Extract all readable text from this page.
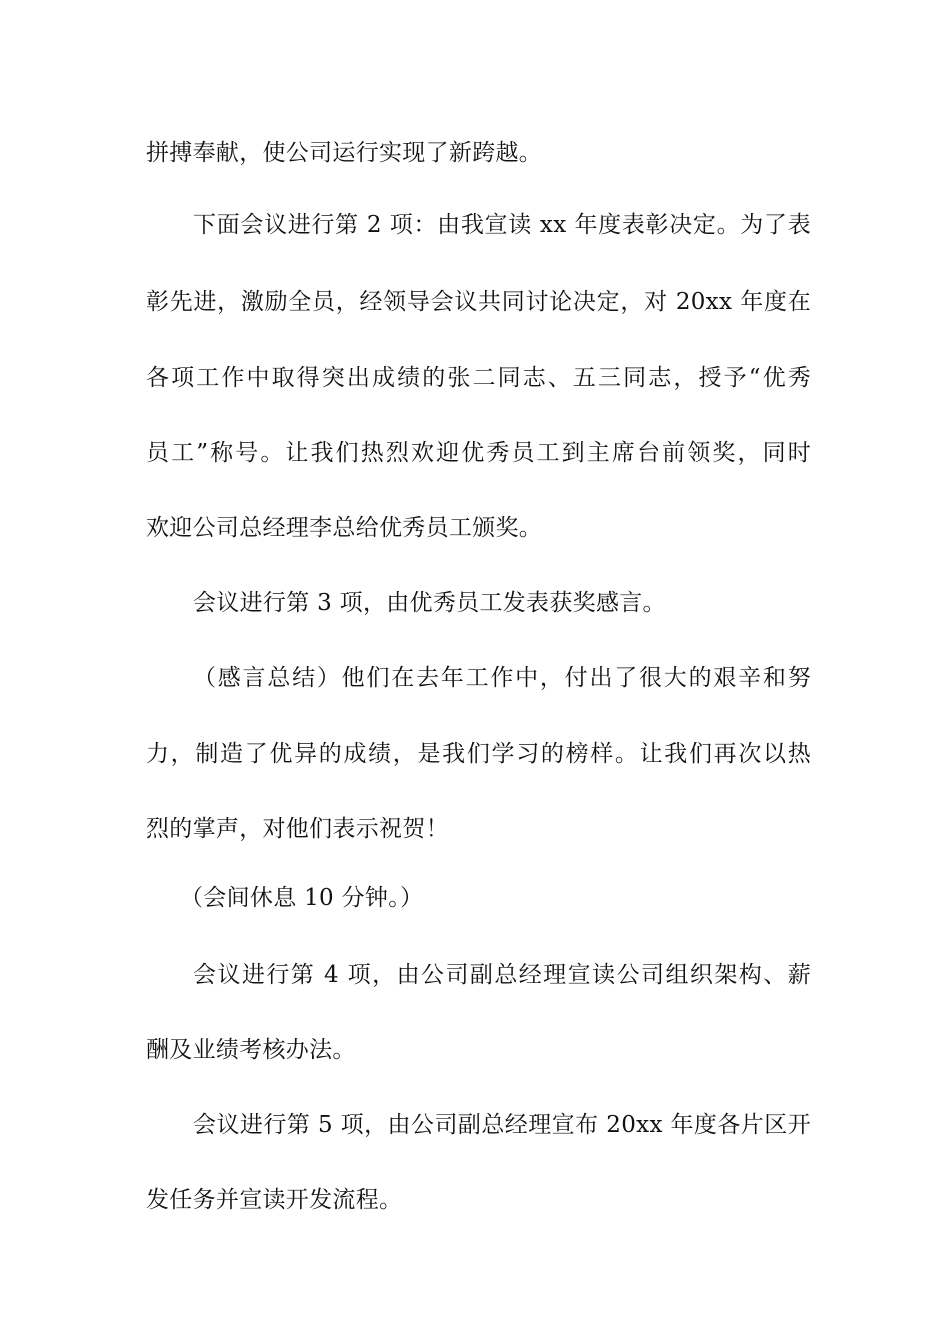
拼搏奉献，使公司运行实现了新跨越。
下面会议进行第 2 项：由我宣读 xx 年度表彰决定。为了表
彰先进，激励全员，经领导会议共同讨论决定，对 20xx 年度在
各项工作中取得突出成绩的张二同志、五三同志，授予“优秀
员工”称号。让我们热烈欢迎优秀员工到主席台前领奖，同时
欢迎公司总经理李总给优秀员工颁奖。
会议进行第 3 项，由优秀员工发表获奖感言。
（感言总结）他们在去年工作中，付出了很大的艰辛和努
力，制造了优异的成绩，是我们学习的榜样。让我们再次以热
烈的掌声，对他们表示祝贺！
（会间休息 10 分钟。）
会议进行第 4 项，由公司副总经理宣读公司组织架构、薪
酬及业绩考核办法。
会议进行第 5 项，由公司副总经理宣布 20xx 年度各片区开
发任务并宣读开发流程。
